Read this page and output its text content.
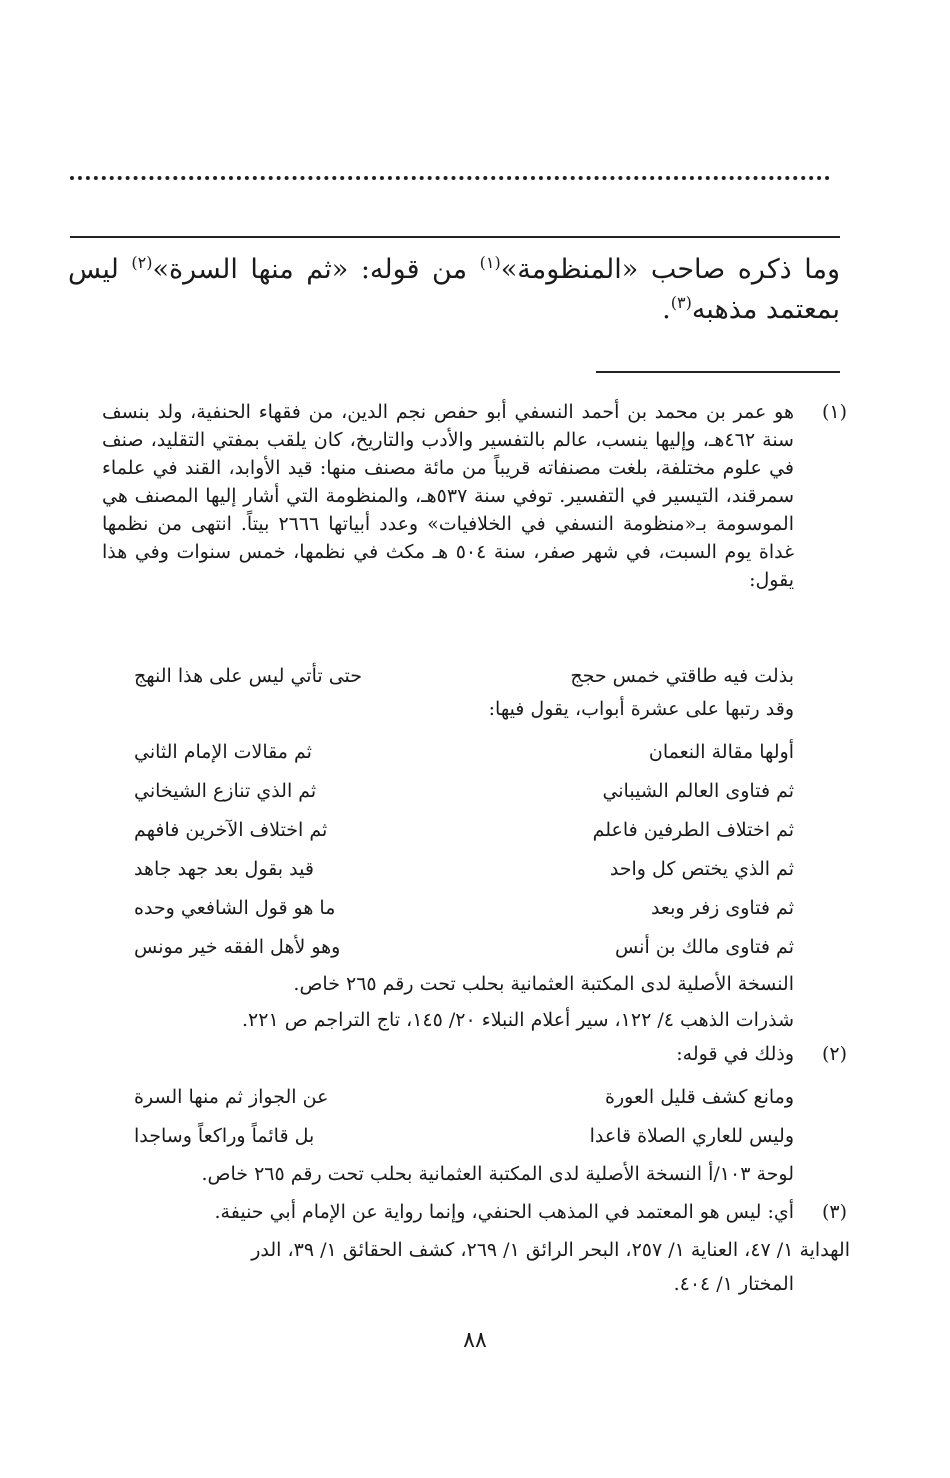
وما ذكره صاحب «المنظومة»$^{(١)}$ من قوله: «ثم منها السرة»$^{(٢)}$ ليس بمعتمد مذهبه$^{(٣)}$.
(١)

هو عمر بن محمد بن أحمد النسفي أبو حفص نجم الدين، من فقهاء الحنفية، ولد بنسف سنة ٤٦٢هـ، وإليها ينسب، عالم بالتفسير والأدب والتاريخ، كان يلقب بمفتي التقليد، صنف في علوم مختلفة، بلغت مصنفاته قريباً من مائة مصنف منها: قيد الأوابد، القند في علماء سمرقند، التيسير في التفسير. توفي سنة ٥٣٧هـ، والمنظومة التي أشار إليها المصنف هي الموسومة بـ«منظومة النسفي في الخلافيات» وعدد أبياتها ٢٦٦٦ بيتاً. انتهى من نظمها غداة يوم السبت، في شهر صفر، سنة ٥٠٤ هـ مكث في نظمها، خمس سنوات وفي هذا يقول:

بذلت فيه طاقتي خمس حجج
حتى تأتي ليس على هذا النهج
وقد رتبها على عشرة أبواب، يقول فيها:
أولها مقالة النعمان
ثم مقالات الإمام الثاني
ثم فتاوى العالم الشيباني
ثم الذي تنازع الشيخاني
ثم اختلاف الطرفين فاعلم
ثم اختلاف الآخرين فافهم
ثم الذي يختص كل واحد
قيد بقول بعد جهد جاهد
ثم فتاوى زفر وبعد
ما هو قول الشافعي وحده
ثم فتاوى مالك بن أنس
وهو لأهل الفقه خير مونس
النسخة الأصلية لدى المكتبة العثمانية بحلب تحت رقم ٢٦٥ خاص.
شذرات الذهب ٤/ ١٢٢، سير أعلام النبلاء ٢٠/ ١٤٥، تاج التراجم ص ٢٢١.
(٢)
وذلك في قوله:
ومانع كشف قليل العورة
عن الجواز ثم منها السرة
وليس للعاري الصلاة قاعدا
بل قائماً وراكعاً وساجدا
لوحة ١٠٣/أ النسخة الأصلية لدى المكتبة العثمانية بحلب تحت رقم ٢٦٥ خاص.
(٣)
أي: ليس هو المعتمد في المذهب الحنفي، وإنما رواية عن الإمام أبي حنيفة.
الهداية ١/ ٤٧، العناية ١/ ٢٥٧، البحر الرائق ١/ ٢٦٩، كشف الحقائق ١/ ٣٩، الدر
المختار ١/ ٤٠٤.
٨٨
